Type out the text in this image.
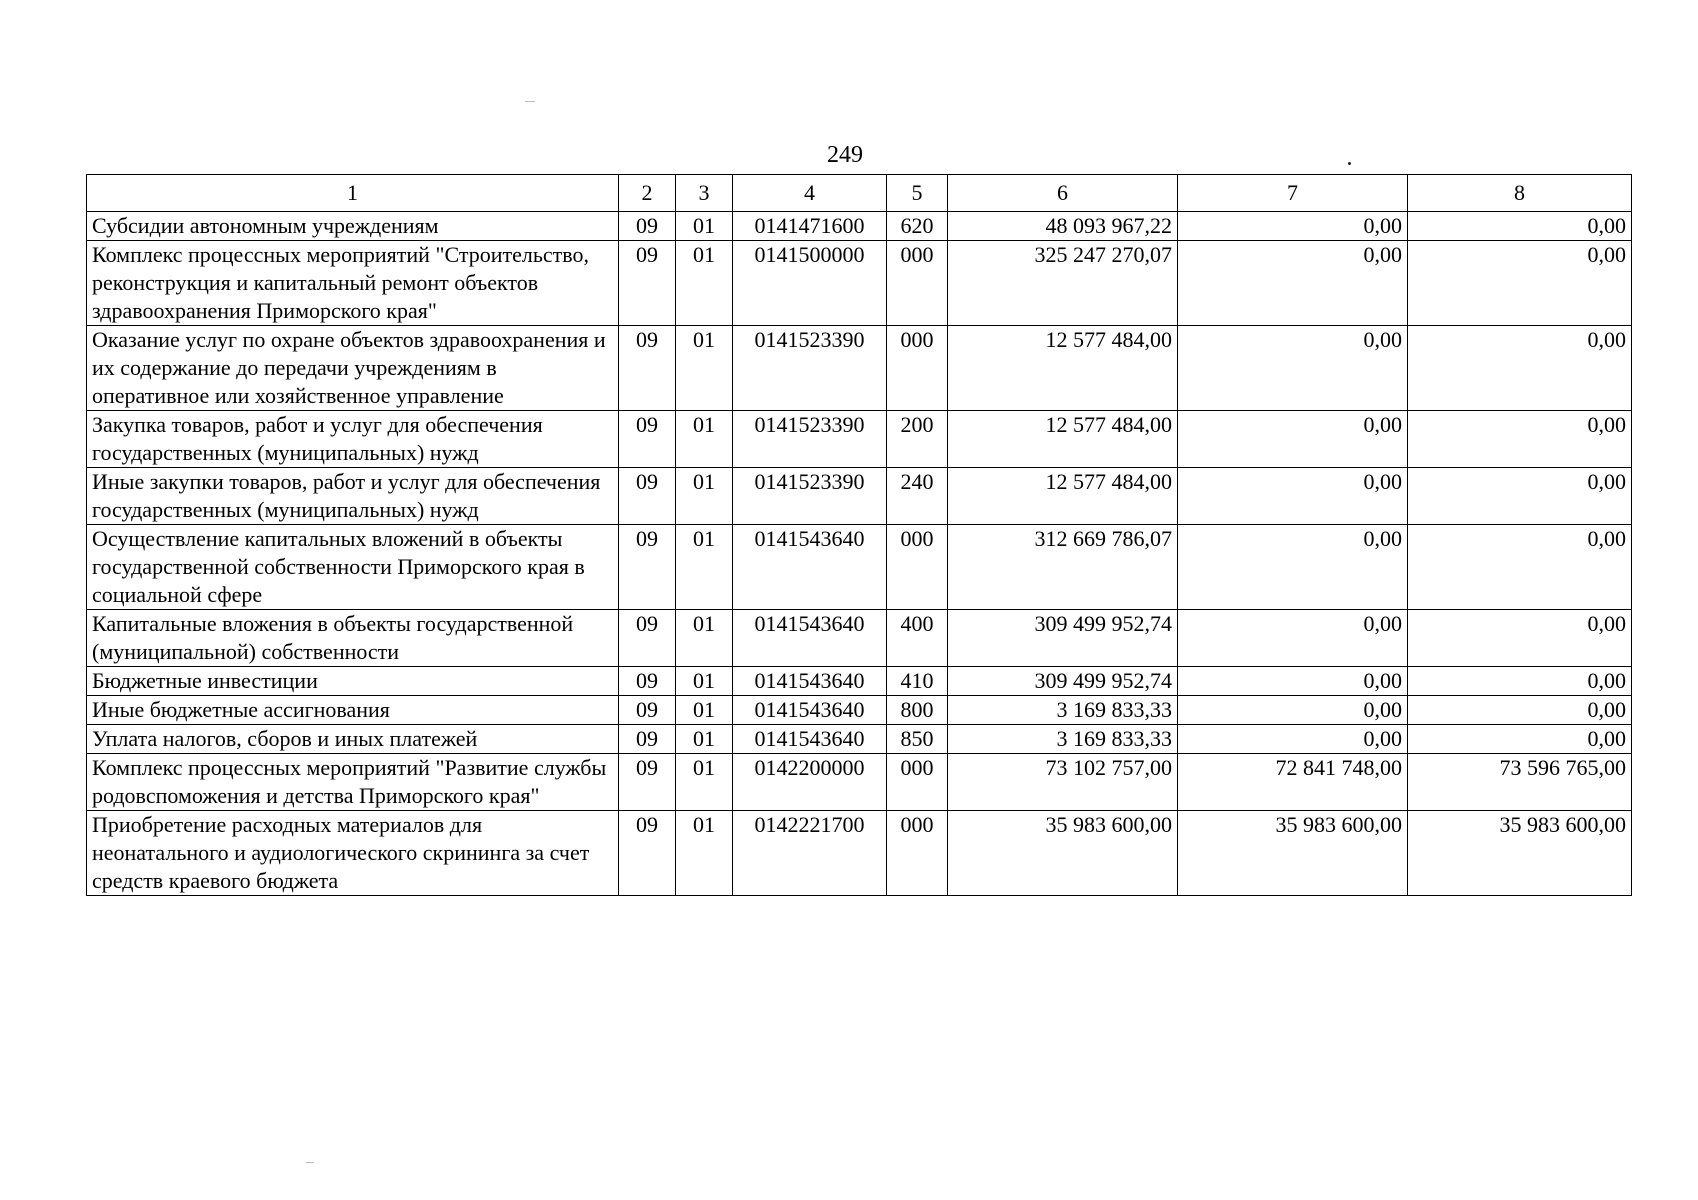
249
1	2	3	4	5	6	7	8
Субсидии автономным учреждениям	09	01	0141471600	620	48 093 967,22	0,00	0,00
Комплекс процессных мероприятий "Строительство, реконструкция и капитальный ремонт объектов здравоохранения Приморского края"	09	01	0141500000	000	325 247 270,07	0,00	0,00
Оказание услуг по охране объектов здравоохранения и их содержание до передачи учреждениям в оперативное или хозяйственное управление	09	01	0141523390	000	12 577 484,00	0,00	0,00
Закупка товаров, работ и услуг для обеспечения государственных (муниципальных) нужд	09	01	0141523390	200	12 577 484,00	0,00	0,00
Иные закупки товаров, работ и услуг для обеспечения государственных (муниципальных) нужд	09	01	0141523390	240	12 577 484,00	0,00	0,00
Осуществление капитальных вложений в объекты государственной собственности Приморского края в социальной сфере	09	01	0141543640	000	312 669 786,07	0,00	0,00
Капитальные вложения в объекты государственной (муниципальной) собственности	09	01	0141543640	400	309 499 952,74	0,00	0,00
Бюджетные инвестиции	09	01	0141543640	410	309 499 952,74	0,00	0,00
Иные бюджетные ассигнования	09	01	0141543640	800	3 169 833,33	0,00	0,00
Уплата налогов, сборов и иных платежей	09	01	0141543640	850	3 169 833,33	0,00	0,00
Комплекс процессных мероприятий "Развитие службы родовспоможения и детства Приморского края"	09	01	0142200000	000	73 102 757,00	72 841 748,00	73 596 765,00
Приобретение расходных материалов для неонатального и аудиологического скрининга за счет средств краевого бюджета	09	01	0142221700	000	35 983 600,00	35 983 600,00	35 983 600,00
